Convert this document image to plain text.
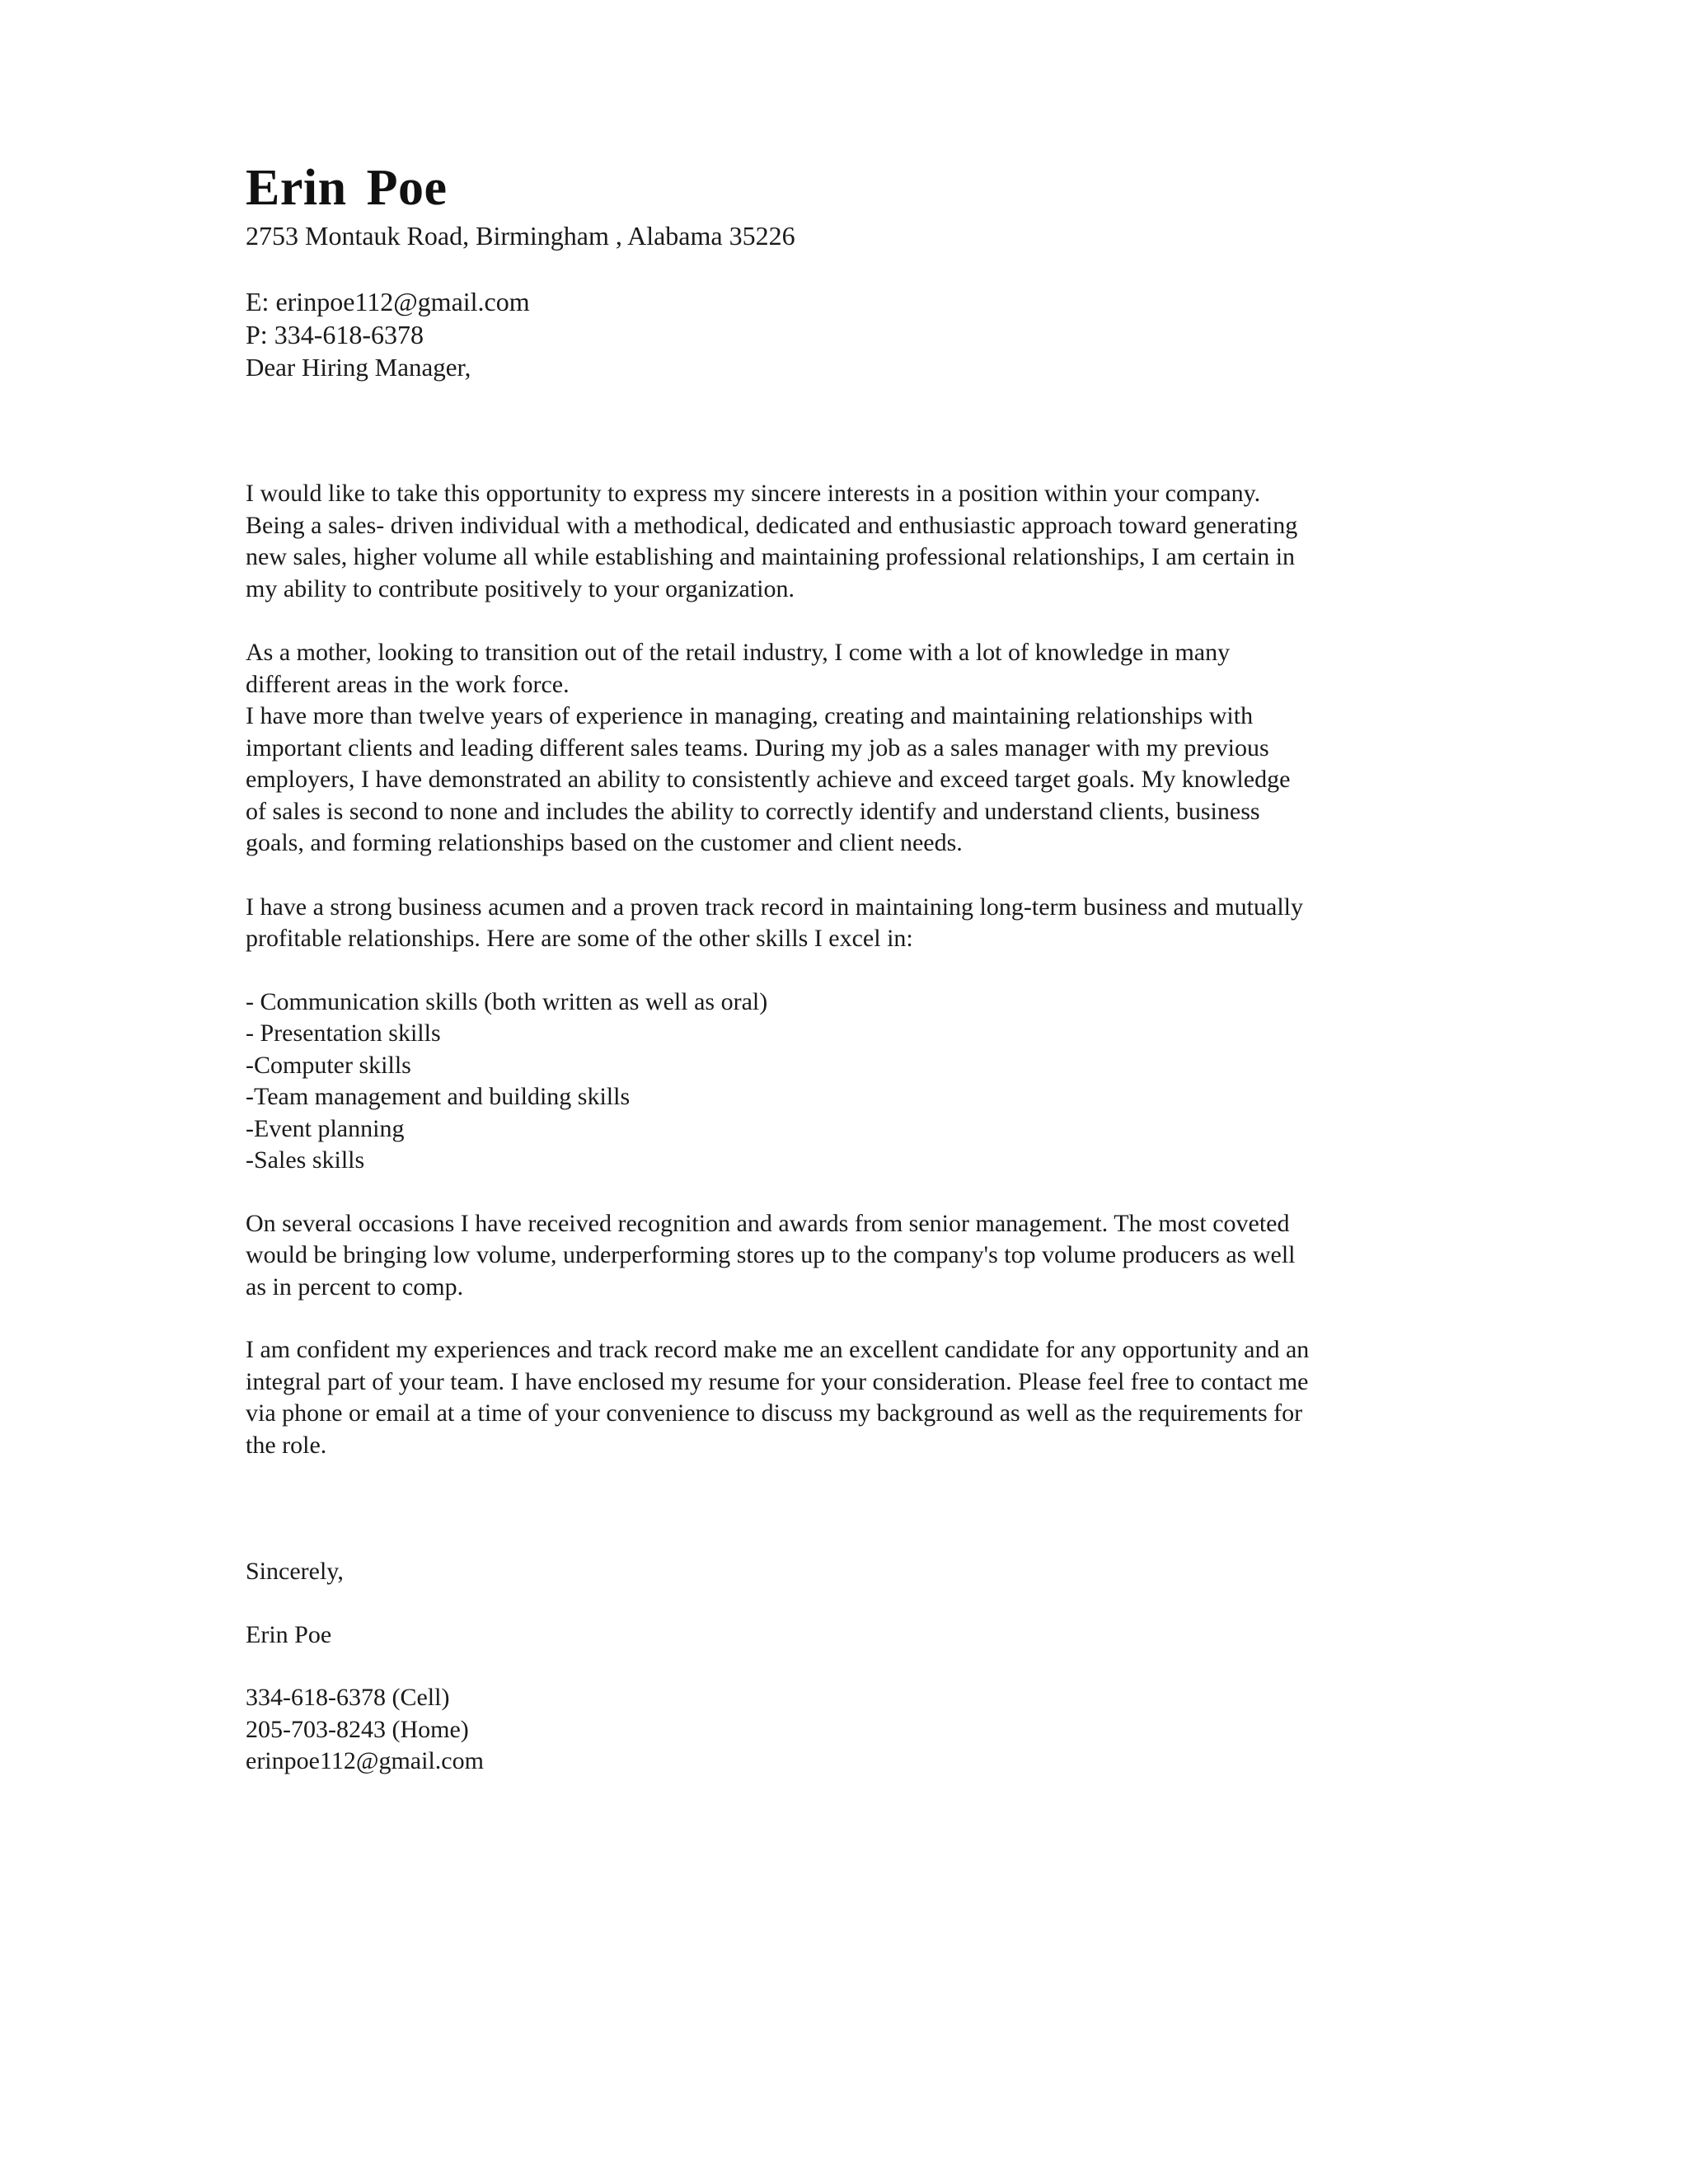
Erin Poe

2753 Montauk Road, Birmingham , Alabama 35226

E: erinpoe112@gmail.com

P: 334-618-6378

Dear Hiring Manager,

I would like to take this opportunity to express my sincere interests in a position within your company.
Being a sales- driven individual with a methodical, dedicated and enthusiastic approach toward generating
new sales, higher volume all while establishing and maintaining professional relationships, I am certain in
my ability to contribute positively to your organization.

As a mother, looking to transition out of the retail industry, I come with a lot of knowledge in many
different areas in the work force.
I have more than twelve years of experience in managing, creating and maintaining relationships with
important clients and leading different sales teams. During my job as a sales manager with my previous
employers, I have demonstrated an ability to consistently achieve and exceed target goals. My knowledge
of sales is second to none and includes the ability to correctly identify and understand clients, business
goals, and forming relationships based on the customer and client needs.

I have a strong business acumen and a proven track record in maintaining long-term business and mutually
profitable relationships. Here are some of the other skills I excel in:

- Communication skills (both written as well as oral)
- Presentation skills
-Computer skills
-Team management and building skills
-Event planning
-Sales skills

On several occasions I have received recognition and awards from senior management. The most coveted
would be bringing low volume, underperforming stores up to the company's top volume producers as well
as in percent to comp.

I am confident my experiences and track record make me an excellent candidate for any opportunity and an
integral part of your team. I have enclosed my resume for your consideration. Please feel free to contact me
via phone or email at a time of your convenience to discuss my background as well as the requirements for
the role.

Sincerely,

Erin Poe

334-618-6378 (Cell)
205-703-8243 (Home)
erinpoe112@gmail.com
